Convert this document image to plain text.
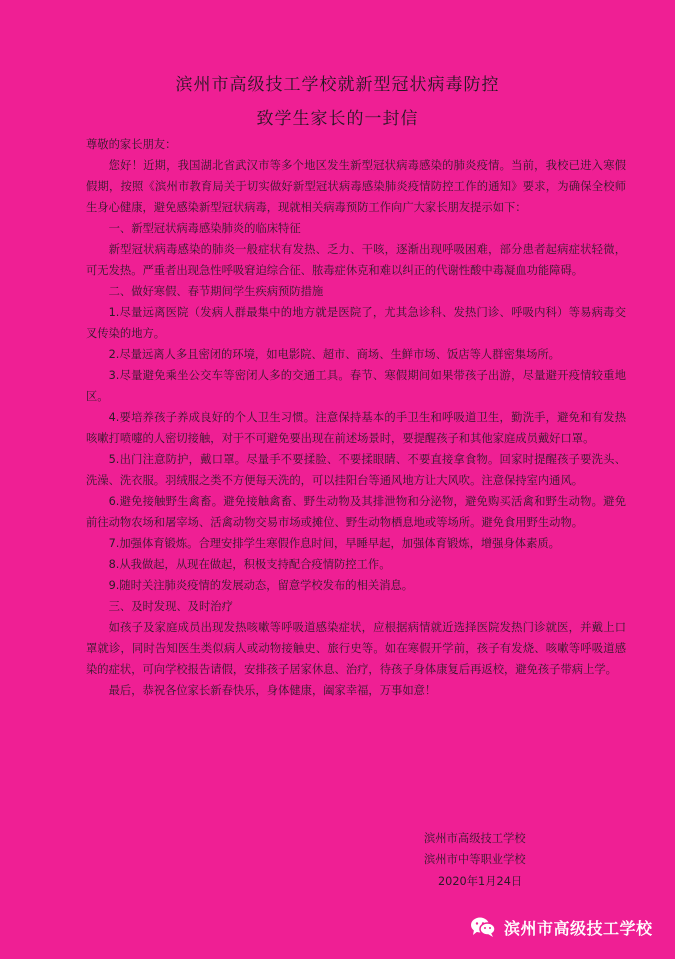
滨州市高级技工学校就新型冠状病毒防控
致学生家长的一封信

尊敬的家长朋友：

您好！近期，我国湖北省武汉市等多个地区发生新型冠状病毒感染的肺炎疫情。当前，我校已进入寒假假期，按照《滨州市教育局关于切实做好新型冠状病毒感染肺炎疫情防控工作的通知》要求，为确保全校师生身心健康，避免感染新型冠状病毒，现就相关病毒预防工作向广大家长朋友提示如下：

一、新型冠状病毒感染肺炎的临床特征

新型冠状病毒感染的肺炎一般症状有发热、乏力、干咳，逐渐出现呼吸困难，部分患者起病症状轻微，可无发热。严重者出现急性呼吸窘迫综合征、脓毒症休克和难以纠正的代谢性酸中毒凝血功能障碍。

二、做好寒假、春节期间学生疾病预防措施

1.尽量远离医院（发病人群最集中的地方就是医院了，尤其急诊科、发热门诊、呼吸内科）等易病毒交叉传染的地方。

2.尽量远离人多且密闭的环境，如电影院、超市、商场、生鲜市场、饭店等人群密集场所。

3.尽量避免乘坐公交车等密闭人多的交通工具。春节、寒假期间如果带孩子出游，尽量避开疫情较重地区。

4.要培养孩子养成良好的个人卫生习惯。注意保持基本的手卫生和呼吸道卫生，勤洗手，避免和有发热咳嗽打喷嚏的人密切接触，对于不可避免要出现在前述场景时，要提醒孩子和其他家庭成员戴好口罩。

5.出门注意防护，戴口罩。尽量手不要揉脸、不要揉眼睛、不要直接拿食物。回家时提醒孩子要洗头、洗澡、洗衣服。羽绒服之类不方便每天洗的，可以挂阳台等通风地方让大风吹。注意保持室内通风。

6.避免接触野生禽畜。避免接触禽畜、野生动物及其排泄物和分泌物，避免购买活禽和野生动物。避免前往动物农场和屠宰场、活禽动物交易市场或摊位、野生动物栖息地或等场所。避免食用野生动物。

7.加强体育锻炼。合理安排学生寒假作息时间，早睡早起，加强体育锻炼，增强身体素质。

8.从我做起，从现在做起，积极支持配合疫情防控工作。

9.随时关注肺炎疫情的发展动态，留意学校发布的相关消息。

三、及时发现、及时治疗

如孩子及家庭成员出现发热咳嗽等呼吸道感染症状，应根据病情就近选择医院发热门诊就医，并戴上口罩就诊，同时告知医生类似病人或动物接触史、旅行史等。如在寒假开学前，孩子有发烧、咳嗽等呼吸道感染的症状，可向学校报告请假，安排孩子居家休息、治疗，待孩子身体康复后再返校，避免孩子带病上学。

最后，恭祝各位家长新春快乐，身体健康，阖家幸福，万事如意！

滨州市高级技工学校
滨州市中等职业学校
2020年1月24日
滨州市高级技工学校
